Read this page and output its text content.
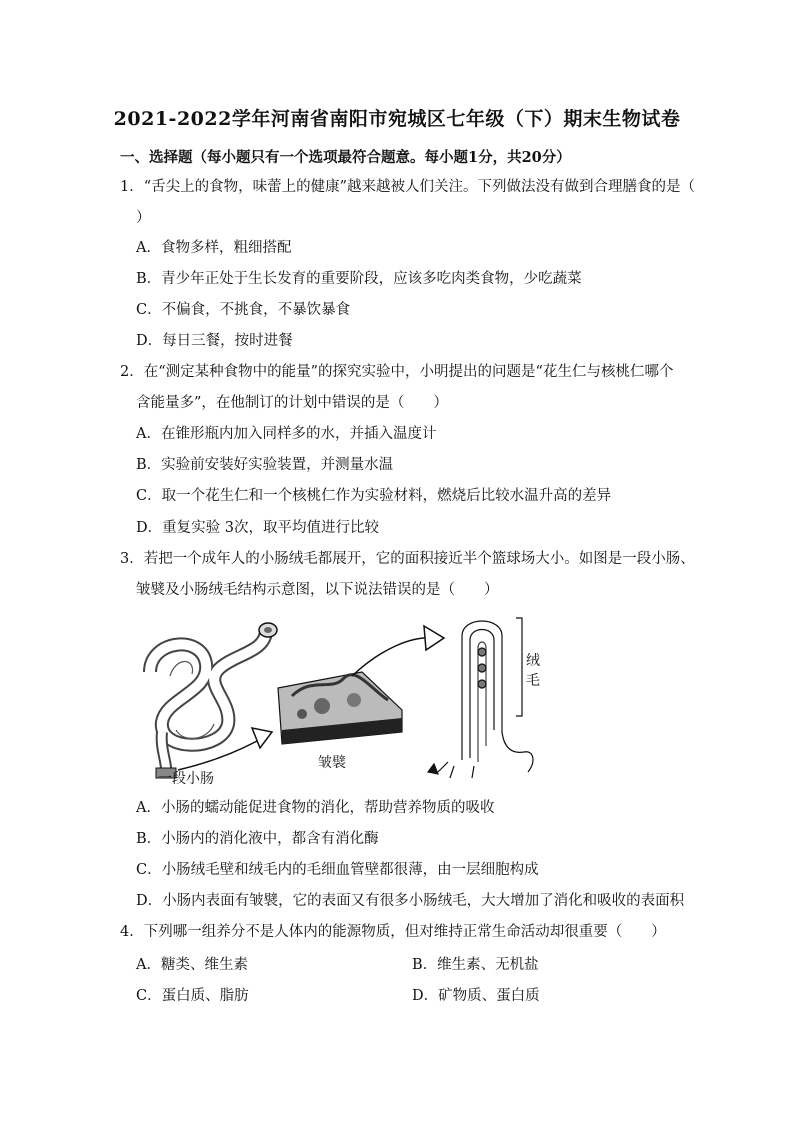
2021-2022学年河南省南阳市宛城区七年级（下）期末生物试卷
一、选择题（每小题只有一个选项最符合题意。每小题1分，共20分）
1．“舌尖上的食物，味蕾上的健康”越来越被人们关注。下列做法没有做到合理膳食的是（
）
A．食物多样，粗细搭配
B．青少年正处于生长发育的重要阶段，应该多吃肉类食物，少吃蔬菜
C．不偏食，不挑食，不暴饮暴食
D．每日三餐，按时进餐
2．在“测定某种食物中的能量”的探究实验中，小明提出的问题是“花生仁与核桃仁哪个
含能量多”，在他制订的计划中错误的是（　　）
A．在锥形瓶内加入同样多的水，并插入温度计
B．实验前安装好实验装置，并测量水温
C．取一个花生仁和一个核桃仁作为实验材料，燃烧后比较水温升高的差异
D．重复实验 3次，取平均值进行比较
3．若把一个成年人的小肠绒毛都展开，它的面积接近半个篮球场大小。如图是一段小肠、
皱襞及小肠绒毛结构示意图，以下说法错误的是（　　）
一段小肠
皱襞
绒
毛
A．小肠的蠕动能促进食物的消化，帮助营养物质的吸收
B．小肠内的消化液中，都含有消化酶
C．小肠绒毛壁和绒毛内的毛细血管壁都很薄，由一层细胞构成
D．小肠内表面有皱襞，它的表面又有很多小肠绒毛，大大增加了消化和吸收的表面积
4．下列哪一组养分不是人体内的能源物质，但对维持正常生命活动却很重要（　　）
A．糖类、维生素	B．维生素、无机盐
C．蛋白质、脂肪	D．矿物质、蛋白质
